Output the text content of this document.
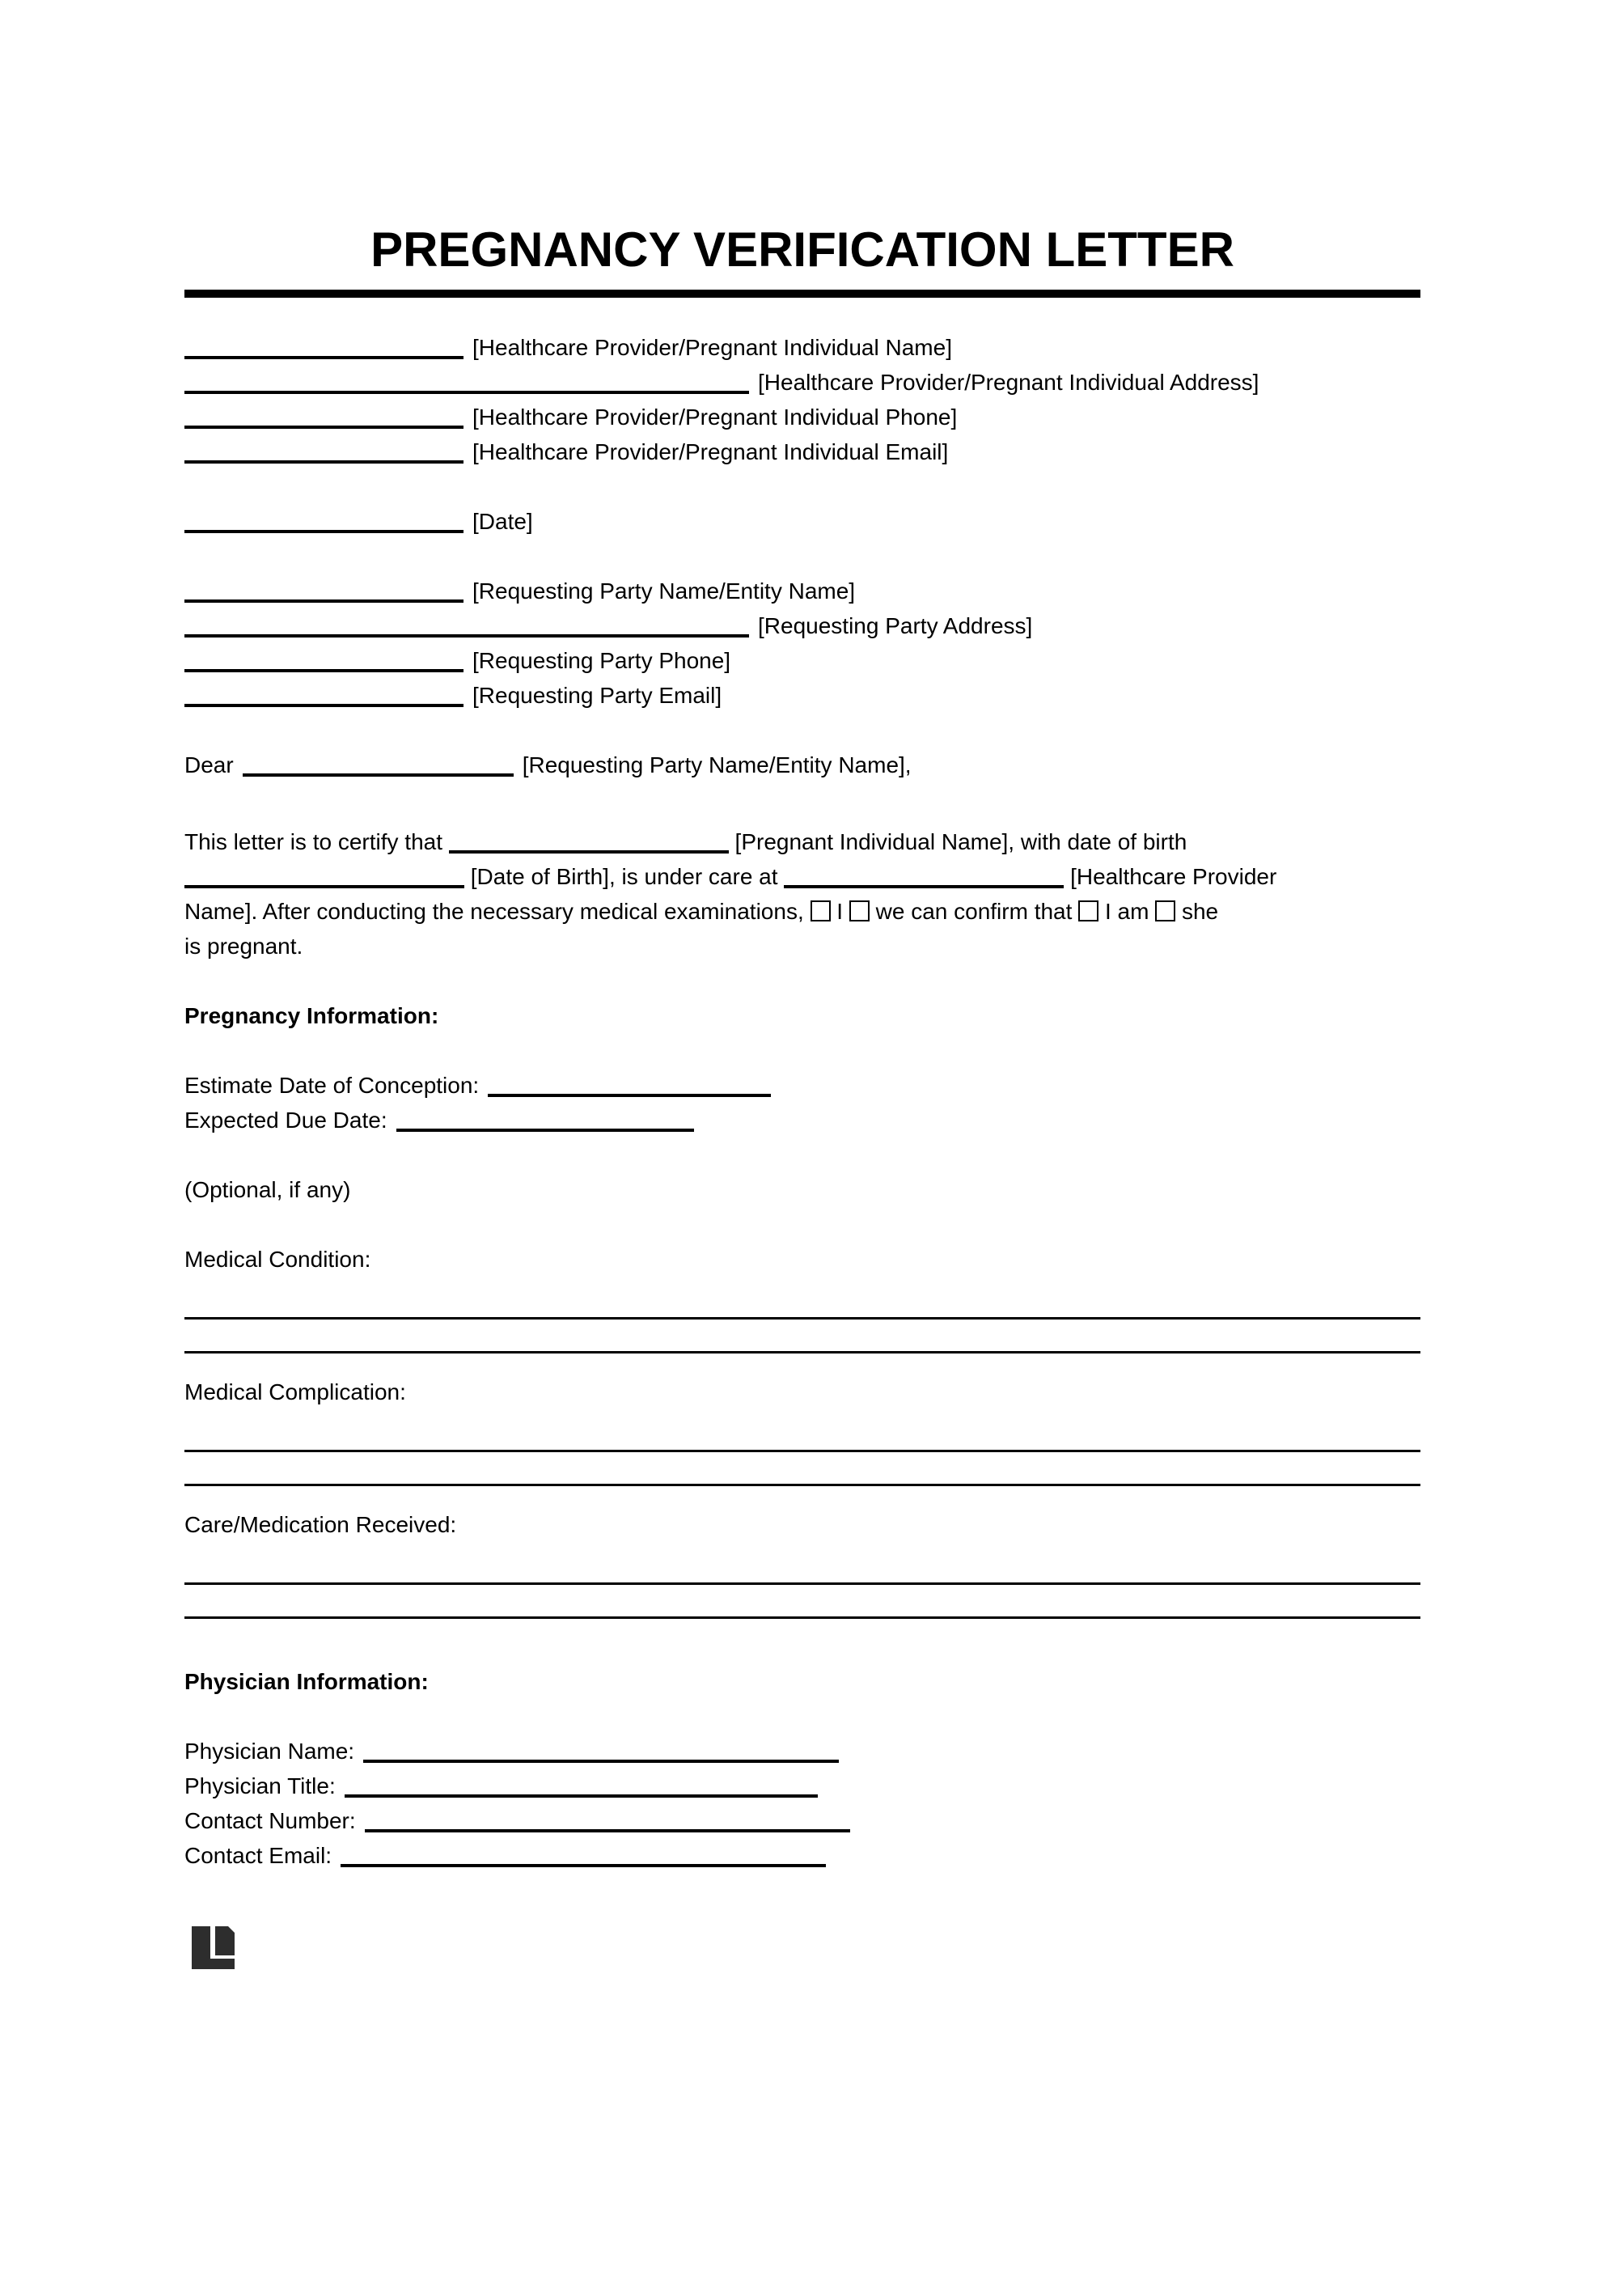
PREGNANCY VERIFICATION LETTER
[Healthcare Provider/Pregnant Individual Name]
[Healthcare Provider/Pregnant Individual Address]
[Healthcare Provider/Pregnant Individual Phone]
[Healthcare Provider/Pregnant Individual Email]
[Date]
[Requesting Party Name/Entity Name]
[Requesting Party Address]
[Requesting Party Phone]
[Requesting Party Email]
Dear	[Requesting Party Name/Entity Name],
This letter is to certify that	[Pregnant Individual Name], with date of birth
[Date of Birth], is under care at	[Healthcare Provider
Name]. After conducting the necessary medical examinations,  I  we can confirm that  I am  she
is pregnant.
Pregnancy Information:
Estimate Date of Conception:
Expected Due Date:
(Optional, if any)
Medical Condition:
Medical Complication:
Care/Medication Received:
Physician Information:
Physician Name:
Physician Title:
Contact Number:
Contact Email:
